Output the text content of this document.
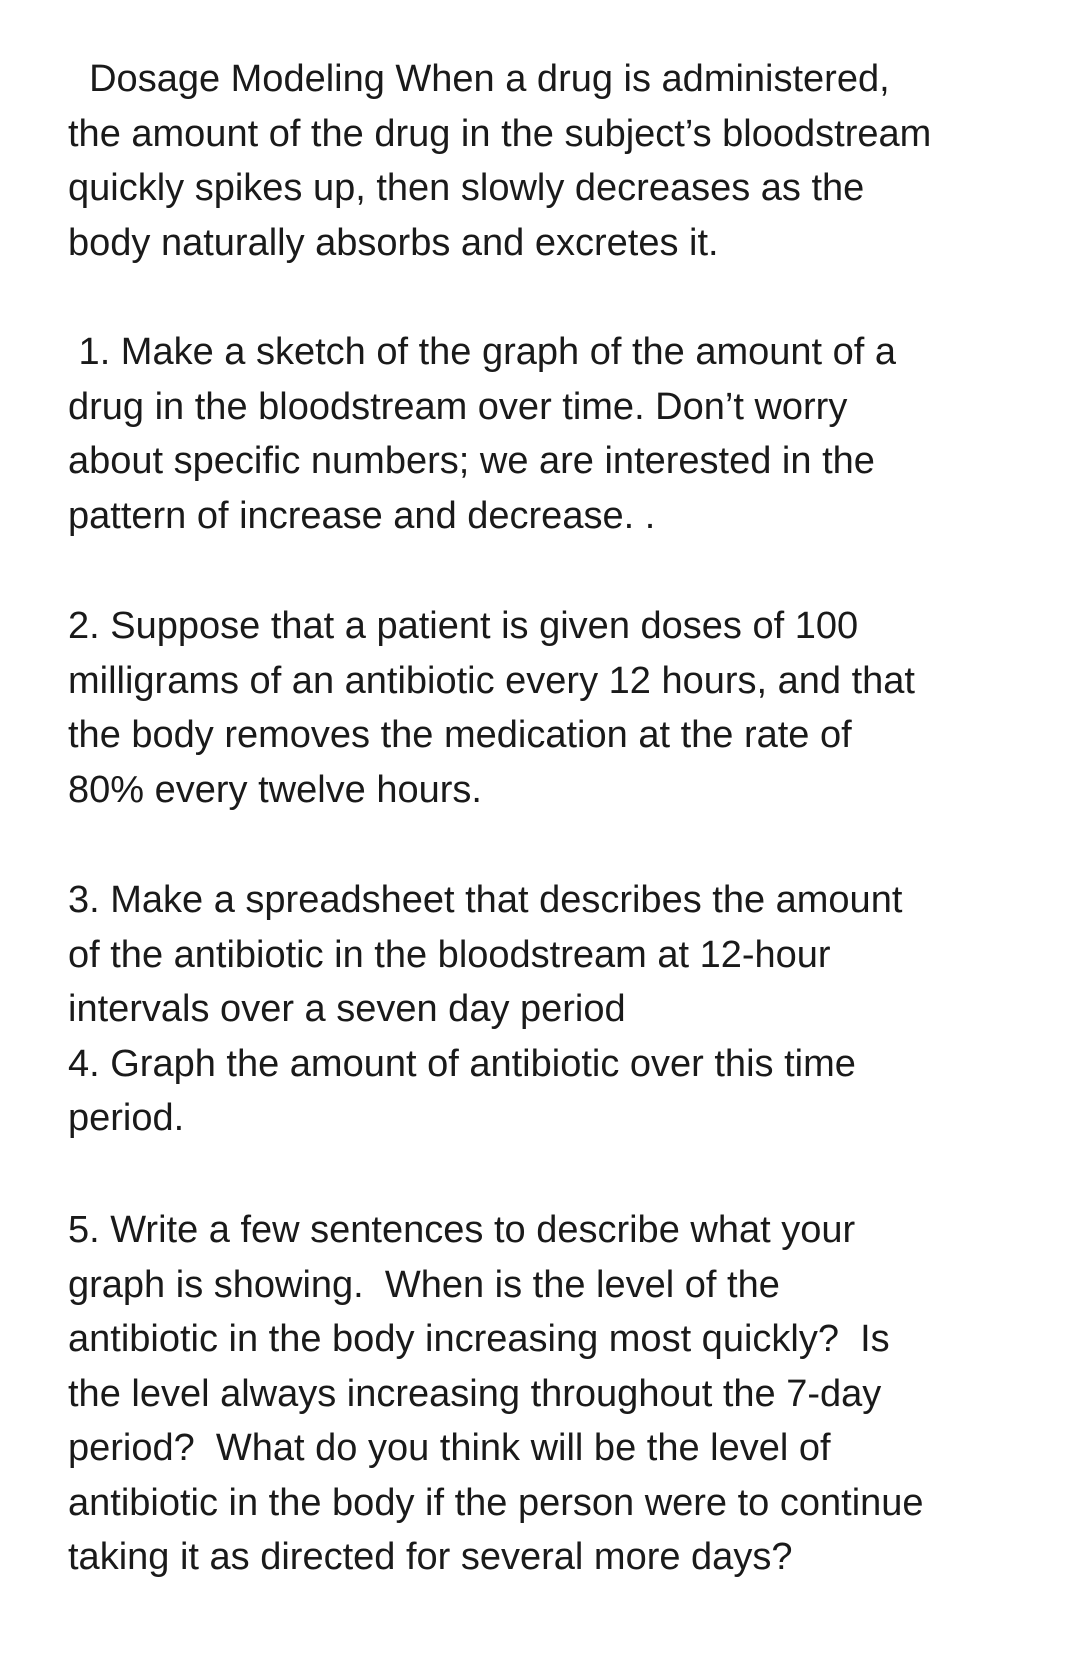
Dosage Modeling When a drug is administered,
the amount of the drug in the subject’s bloodstream
quickly spikes up, then slowly decreases as the
body naturally absorbs and excretes it.

1. Make a sketch of the graph of the amount of a
drug in the bloodstream over time. Don’t worry
about specific numbers; we are interested in the
pattern of increase and decrease. .

2. Suppose that a patient is given doses of 100
milligrams of an antibiotic every 12 hours, and that
the body removes the medication at the rate of
80% every twelve hours.

3. Make a spreadsheet that describes the amount
of the antibiotic in the bloodstream at 12-hour
intervals over a seven day period
4. Graph the amount of antibiotic over this time
period.

5. Write a few sentences to describe what your
graph is showing.  When is the level of the
antibiotic in the body increasing most quickly?  Is
the level always increasing throughout the 7-day
period?  What do you think will be the level of
antibiotic in the body if the person were to continue
taking it as directed for several more days?
